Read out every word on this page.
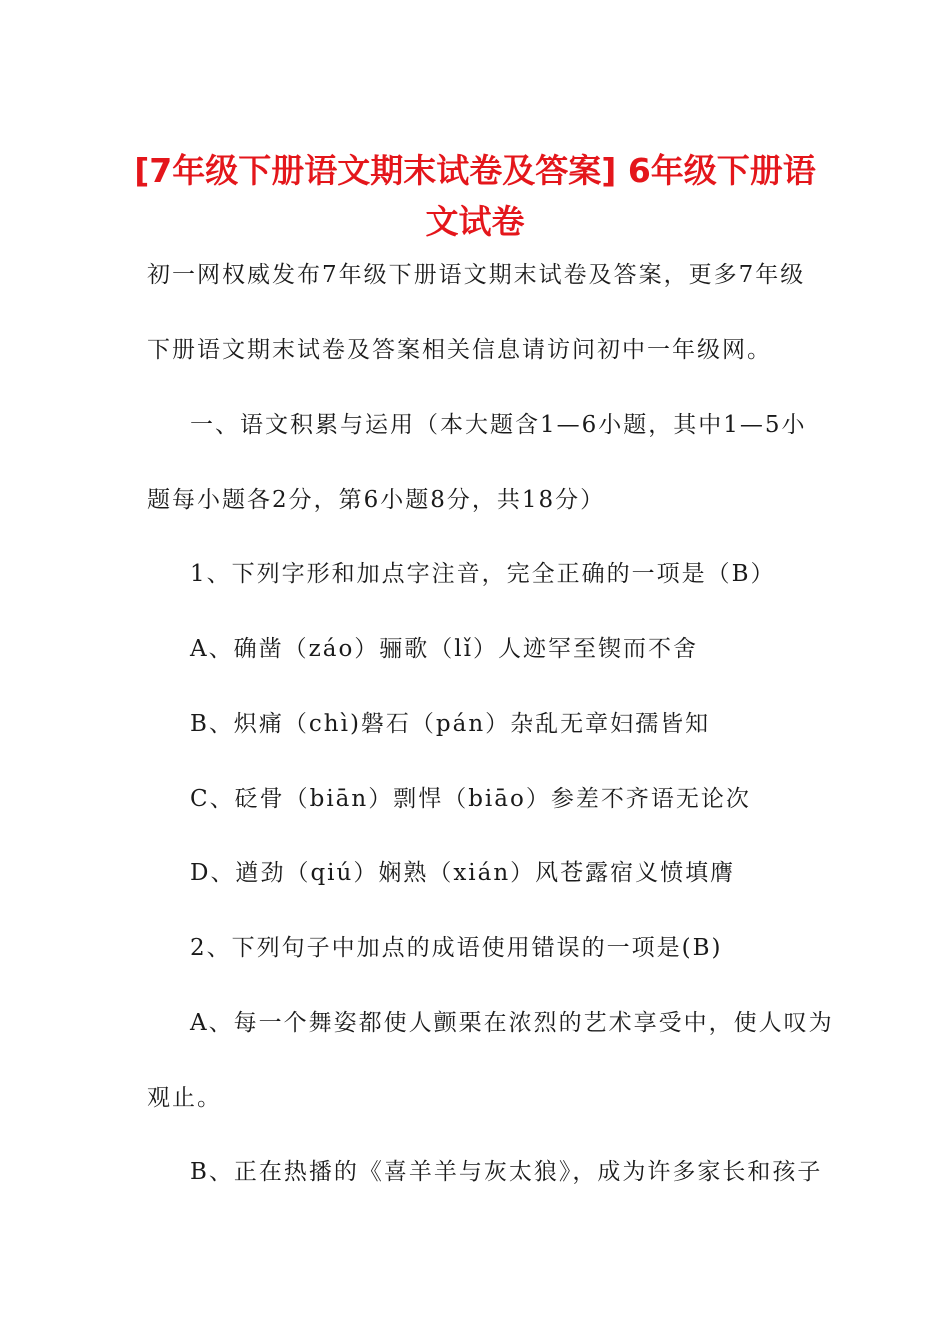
[7年级下册语文期末试卷及答案] 6年级下册语文试卷
初一网权威发布7年级下册语文期末试卷及答案，更多7年级
下册语文期末试卷及答案相关信息请访问初中一年级网。
一、语文积累与运用（本大题含1—6小题，其中1—5小
题每小题各2分，第6小题8分，共18分）
1、下列字形和加点字注音，完全正确的一项是（B）
A、确凿（záo）骊歌（lǐ）人迹罕至锲而不舍
B、炽痛（chì)磐石（pán）杂乱无章妇孺皆知
C、砭骨（biān）剽悍（biāo）参差不齐语无论次
D、遒劲（qiú）娴熟（xián）风苍露宿义愤填膺
2、下列句子中加点的成语使用错误的一项是(B)
A、每一个舞姿都使人颤栗在浓烈的艺术享受中，使人叹为
观止。
B、正在热播的《喜羊羊与灰太狼》，成为许多家长和孩子
